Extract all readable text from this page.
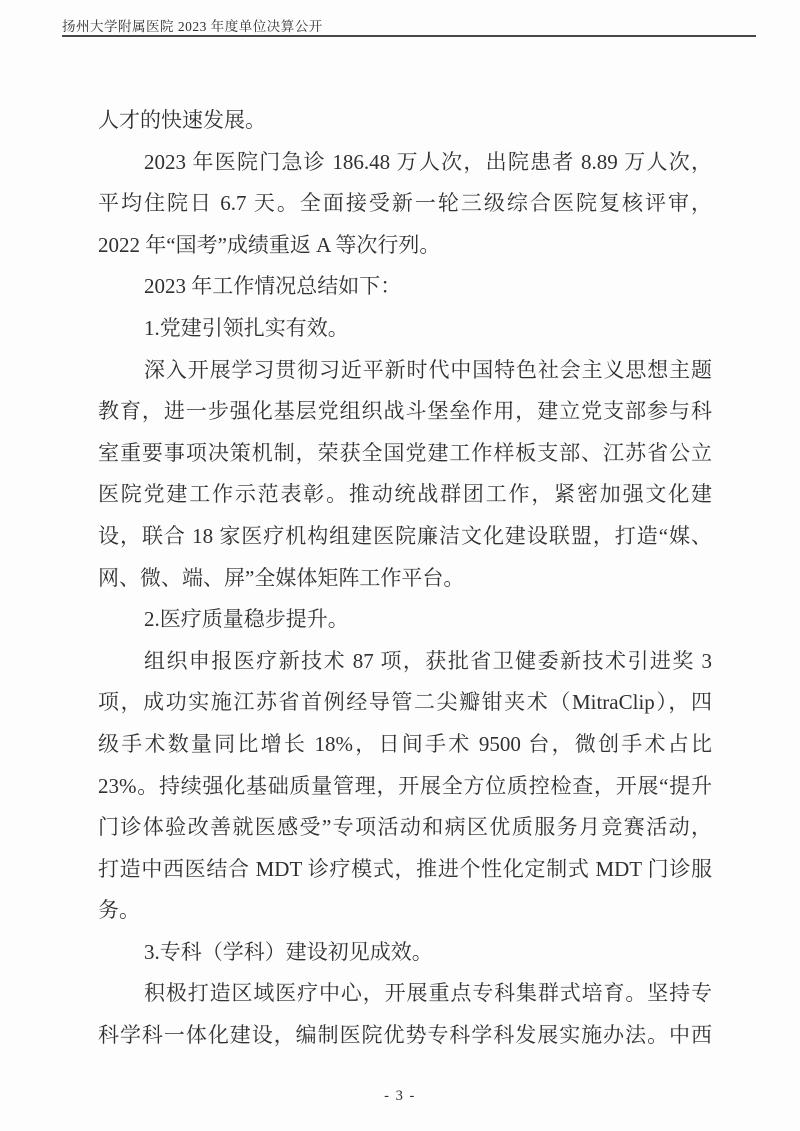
扬州大学附属医院 2023 年度单位决算公开
人才的快速发展。
2023 年医院门急诊 186.48 万人次，出院患者 8.89 万人次，
平均住院日 6.7 天。全面接受新一轮三级综合医院复核评审，
2022 年“国考”成绩重返 A 等次行列。
2023 年工作情况总结如下：
1.党建引领扎实有效。
深入开展学习贯彻习近平新时代中国特色社会主义思想主题
教育，进一步强化基层党组织战斗堡垒作用，建立党支部参与科
室重要事项决策机制，荣获全国党建工作样板支部、江苏省公立
医院党建工作示范表彰。推动统战群团工作，紧密加强文化建
设，联合 18 家医疗机构组建医院廉洁文化建设联盟，打造“媒、
网、微、端、屏”全媒体矩阵工作平台。
2.医疗质量稳步提升。
组织申报医疗新技术 87 项，获批省卫健委新技术引进奖 3
项，成功实施江苏省首例经导管二尖瓣钳夹术（MitraClip），四
级手术数量同比增长 18%，日间手术 9500 台，微创手术占比
23%。持续强化基础质量管理，开展全方位质控检查，开展“提升
门诊体验改善就医感受”专项活动和病区优质服务月竞赛活动，
打造中西医结合 MDT 诊疗模式，推进个性化定制式 MDT 门诊服
务。
3.专科（学科）建设初见成效。
积极打造区域医疗中心，开展重点专科集群式培育。坚持专
科学科一体化建设，编制医院优势专科学科发展实施办法。中西
- 3 -
